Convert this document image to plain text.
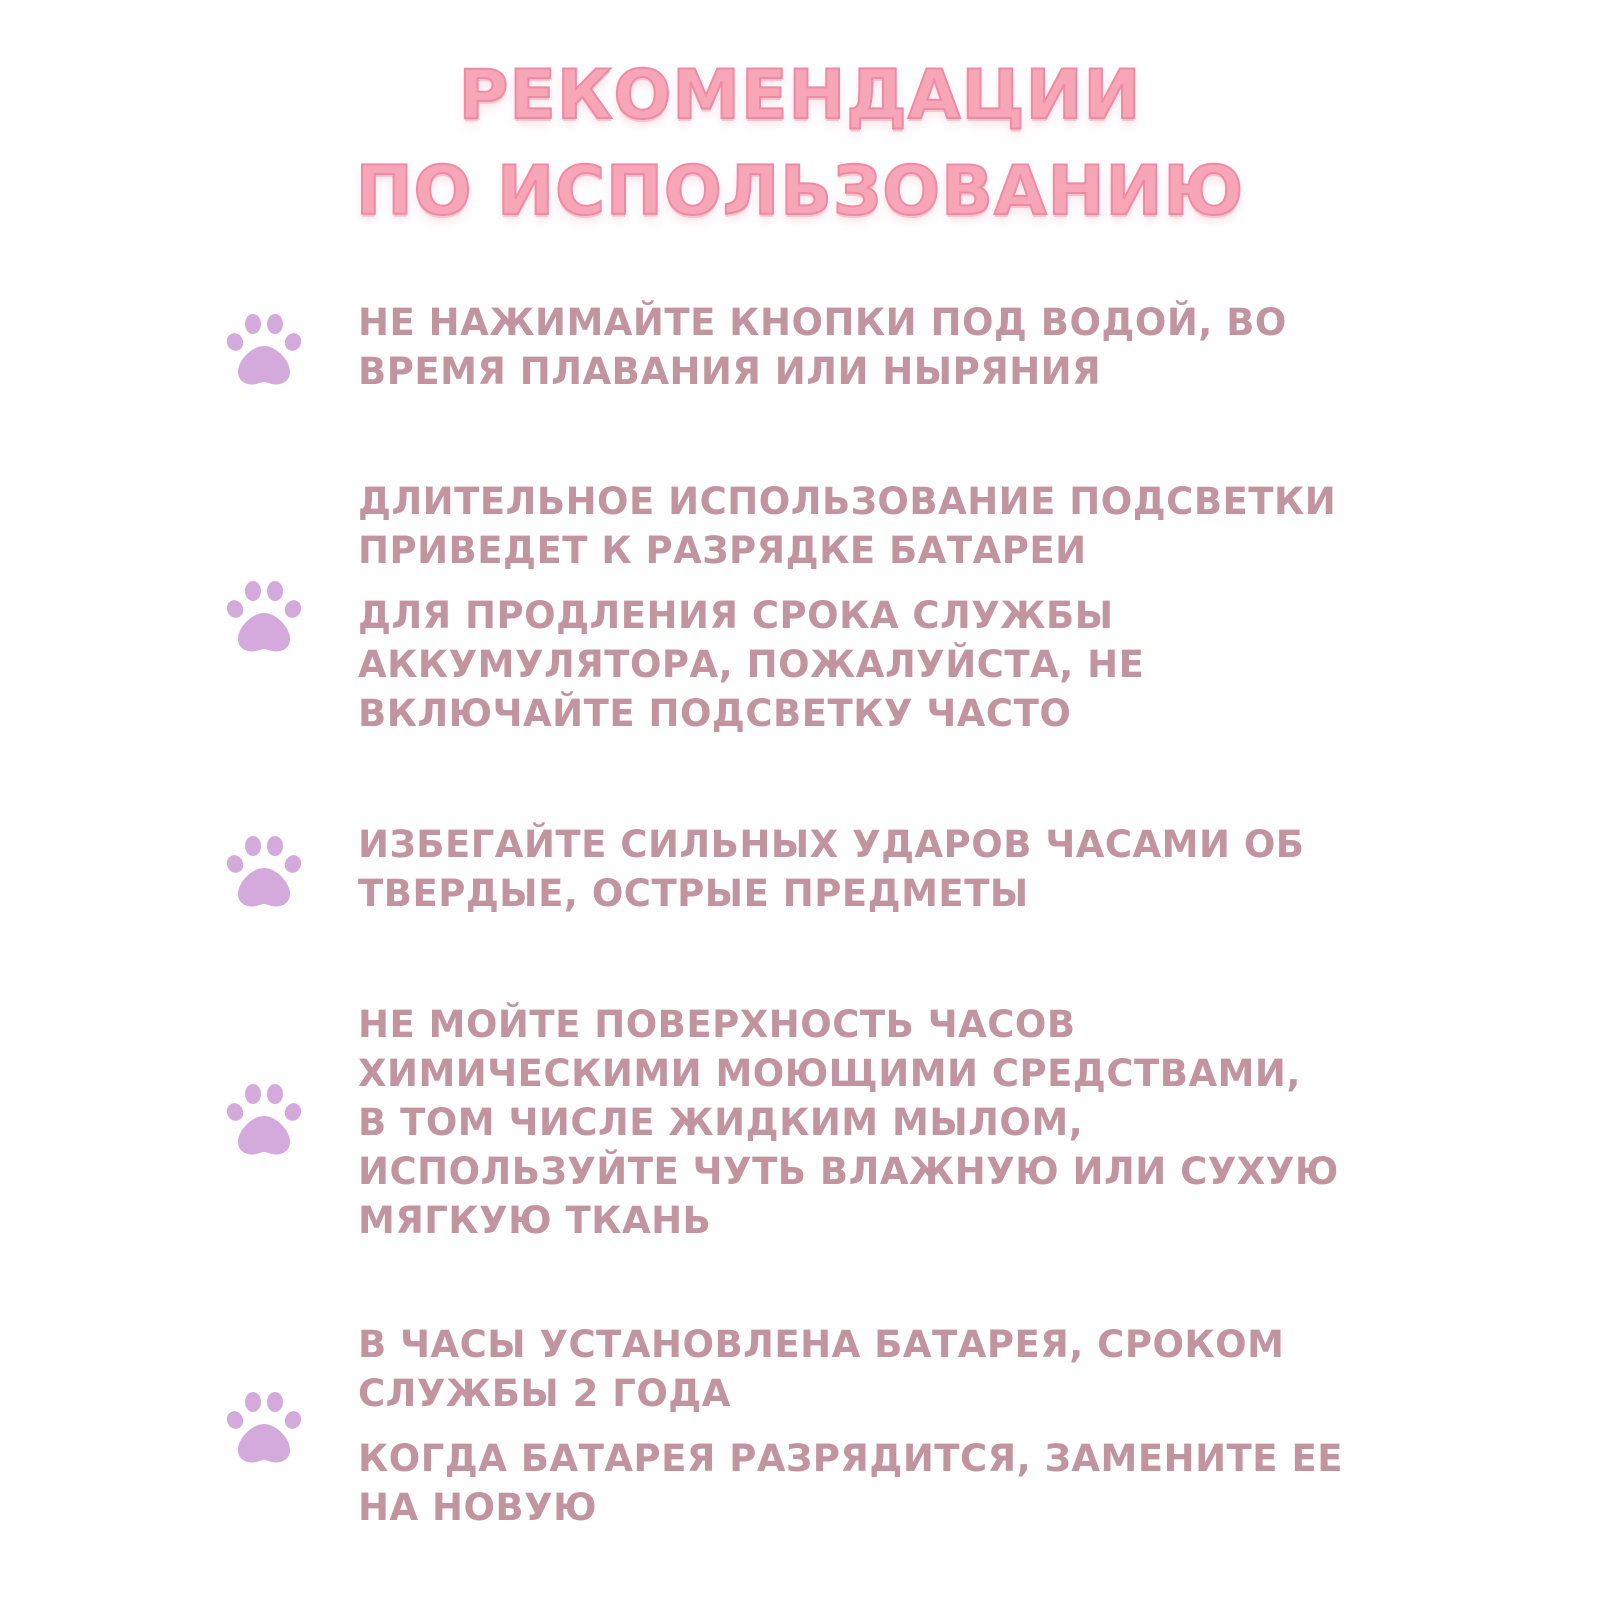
РЕКОМЕНДАЦИИ
ПО ИСПОЛЬЗОВАНИЮ

НЕ НАЖИМАЙТЕ КНОПКИ ПОД ВОДОЙ, ВО
ВРЕМЯ ПЛАВАНИЯ ИЛИ НЫРЯНИЯ

ДЛИТЕЛЬНОЕ ИСПОЛЬЗОВАНИЕ ПОДСВЕТКИ
ПРИВЕДЕТ К РАЗРЯДКЕ БАТАРЕИ

ДЛЯ ПРОДЛЕНИЯ СРОКА СЛУЖБЫ
АККУМУЛЯТОРА, ПОЖАЛУЙСТА, НЕ
ВКЛЮЧАЙТЕ ПОДСВЕТКУ ЧАСТО

ИЗБЕГАЙТЕ СИЛЬНЫХ УДАРОВ ЧАСАМИ ОБ
ТВЕРДЫЕ, ОСТРЫЕ ПРЕДМЕТЫ

НЕ МОЙТЕ ПОВЕРХНОСТЬ ЧАСОВ
ХИМИЧЕСКИМИ МОЮЩИМИ СРЕДСТВАМИ,
В ТОМ ЧИСЛЕ ЖИДКИМ МЫЛОМ,
ИСПОЛЬЗУЙТЕ ЧУТЬ ВЛАЖНУЮ ИЛИ СУХУЮ
МЯГКУЮ ТКАНЬ

В ЧАСЫ УСТАНОВЛЕНА БАТАРЕЯ, СРОКОМ
СЛУЖБЫ 2 ГОДА

КОГДА БАТАРЕЯ РАЗРЯДИТСЯ, ЗАМЕНИТЕ ЕЕ
НА НОВУЮ
